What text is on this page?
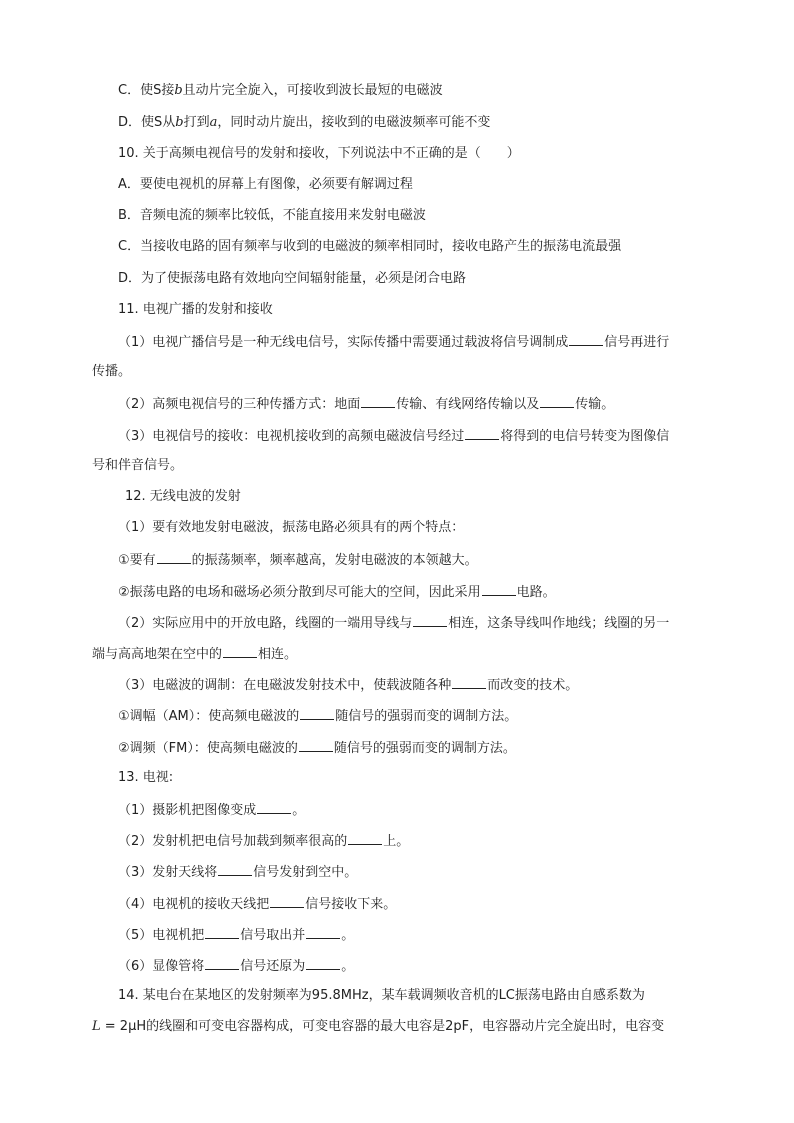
C．使S接b且动片完全旋入，可接收到波长最短的电磁波
D．使S从b打到a，同时动片旋出，接收到的电磁波频率可能不变
10. 关于高频电视信号的发射和接收，下列说法中不正确的是（　　）
A．要使电视机的屏幕上有图像，必须要有解调过程
B．音频电流的频率比较低，不能直接用来发射电磁波
C．当接收电路的固有频率与收到的电磁波的频率相同时，接收电路产生的振荡电流最强
D．为了使振荡电路有效地向空间辐射能量，必须是闭合电路
11. 电视广播的发射和接收
（1）电视广播信号是一种无线电信号，实际传播中需要通过载波将信号调制成	信号再进行
传播。
（2）高频电视信号的三种传播方式：地面	传输、有线网络传输以及	传输。
（3）电视信号的接收：电视机接收到的高频电磁波信号经过	将得到的电信号转变为图像信
号和伴音信号。
12. 无线电波的发射
（1）要有效地发射电磁波，振荡电路必须具有的两个特点：
①要有	的振荡频率，频率越高，发射电磁波的本领越大。
②振荡电路的电场和磁场必须分散到尽可能大的空间，因此采用	电路。
（2）实际应用中的开放电路，线圈的一端用导线与	相连，这条导线叫作地线；线圈的另一
端与高高地架在空中的	相连。
（3）电磁波的调制：在电磁波发射技术中，使载波随各种	而改变的技术。
①调幅（AM）：使高频电磁波的	随信号的强弱而变的调制方法。
②调频（FM）：使高频电磁波的	随信号的强弱而变的调制方法。
13. 电视:
（1）摄影机把图像变成	。
（2）发射机把电信号加载到频率很高的	上。
（3）发射天线将	信号发射到空中。
（4）电视机的接收天线把	信号接收下来。
（5）电视机把	信号取出并	。
（6）显像管将	信号还原为	。
14. 某电台在某地区的发射频率为95.8MHz，某车载调频收音机的LC振荡电路由自感系数为
L = 2μH的线圈和可变电容器构成，可变电容器的最大电容是2pF，电容器动片完全旋出时，电容变
